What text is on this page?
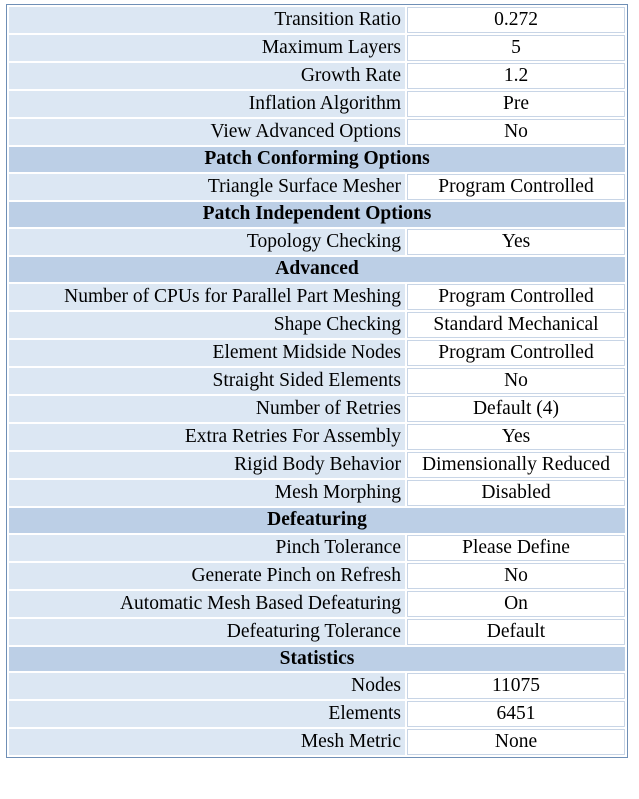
Transition Ratio	0.272
Maximum Layers	5
Growth Rate	1.2
Inflation Algorithm	Pre
View Advanced Options	No
Patch Conforming Options	
Triangle Surface Mesher	Program Controlled
Patch Independent Options	
Topology Checking	Yes
Advanced	
Number of CPUs for Parallel Part Meshing	Program Controlled
Shape Checking	Standard Mechanical
Element Midside Nodes	Program Controlled
Straight Sided Elements	No
Number of Retries	Default (4)
Extra Retries For Assembly	Yes
Rigid Body Behavior	Dimensionally Reduced
Mesh Morphing	Disabled
Defeaturing	
Pinch Tolerance	Please Define
Generate Pinch on Refresh	No
Automatic Mesh Based Defeaturing	On
Defeaturing Tolerance	Default
Statistics	
Nodes	11075
Elements	6451
Mesh Metric	None
